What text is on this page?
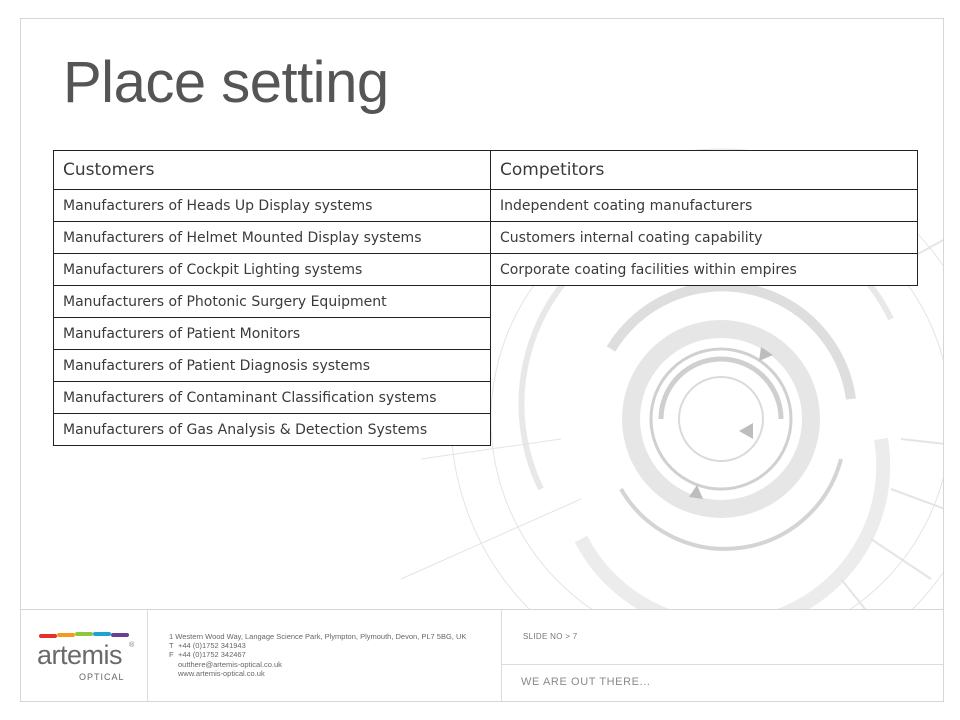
Place setting
Customers	Competitors
Manufacturers of Heads Up Display systems	Independent coating manufacturers
Manufacturers of Helmet Mounted Display systems	Customers internal coating capability
Manufacturers of Cockpit Lighting systems	Corporate coating facilities within empires
Manufacturers of Photonic Surgery Equipment	
Manufacturers of Patient Monitors	
Manufacturers of Patient Diagnosis systems	
Manufacturers of Contaminant Classification systems	
Manufacturers of Gas Analysis & Detection Systems	
artemis ®
OPTICAL
1 Western Wood Way, Langage Science Park, Plympton, Plymouth, Devon, PL7 5BG, UK
T +44 (0)1752 341943
F +44 (0)1752 342467
outthere@artemis-optical.co.uk
www.artemis-optical.co.uk
SLIDE NO > 7
WE ARE OUT THERE...
